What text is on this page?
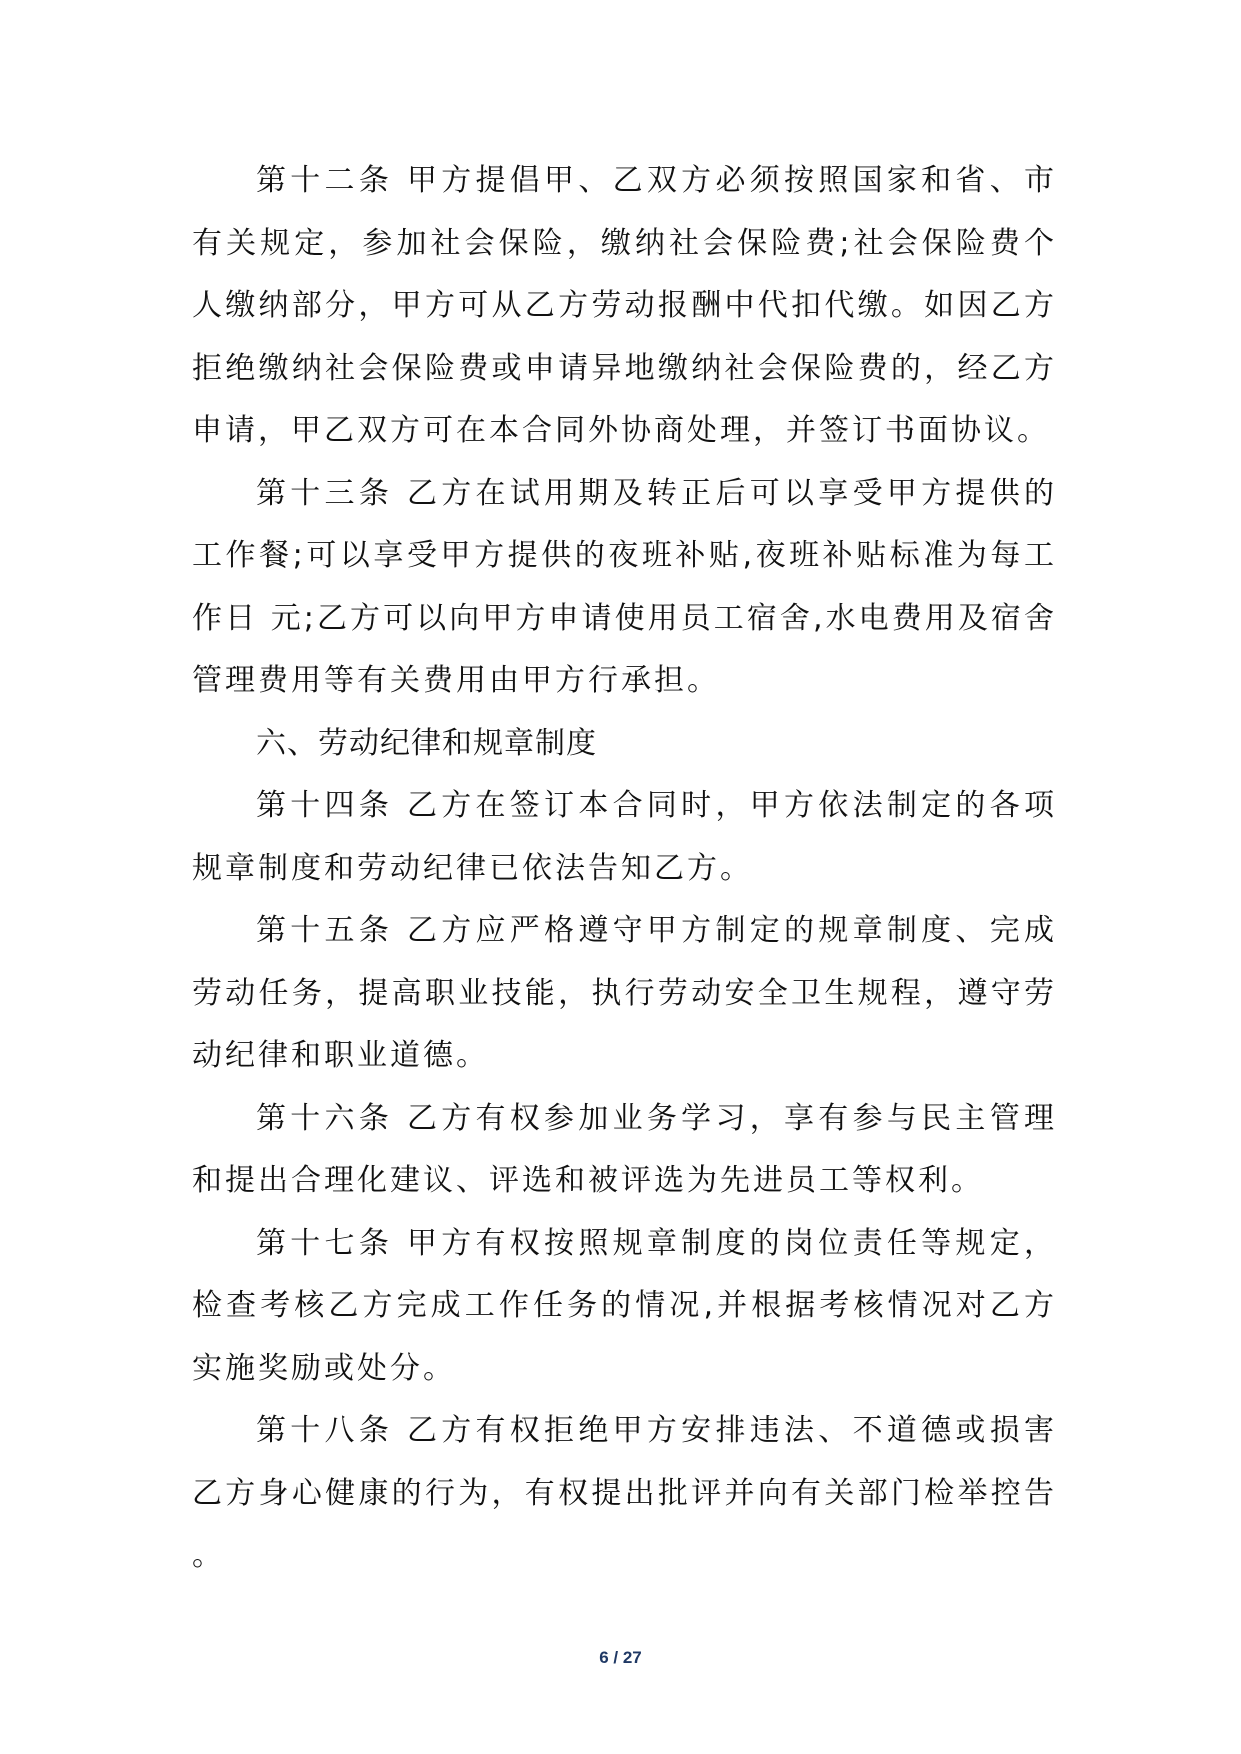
第十二条 甲方提倡甲、乙双方必须按照国家和省、市有关规定，参加社会保险，缴纳社会保险费;社会保险费个人缴纳部分，甲方可从乙方劳动报酬中代扣代缴。如因乙方拒绝缴纳社会保险费或申请异地缴纳社会保险费的，经乙方申请，甲乙双方可在本合同外协商处理，并签订书面协议。

第十三条 乙方在试用期及转正后可以享受甲方提供的工作餐;可以享受甲方提供的夜班补贴,夜班补贴标准为每工作日 元;乙方可以向甲方申请使用员工宿舍,水电费用及宿舍管理费用等有关费用由甲方行承担。

六、劳动纪律和规章制度

第十四条 乙方在签订本合同时，甲方依法制定的各项规章制度和劳动纪律已依法告知乙方。

第十五条 乙方应严格遵守甲方制定的规章制度、完成劳动任务，提高职业技能，执行劳动安全卫生规程，遵守劳动纪律和职业道德。

第十六条 乙方有权参加业务学习，享有参与民主管理和提出合理化建议、评选和被评选为先进员工等权利。

第十七条 甲方有权按照规章制度的岗位责任等规定，检查考核乙方完成工作任务的情况,并根据考核情况对乙方实施奖励或处分。

第十八条 乙方有权拒绝甲方安排违法、不道德或损害乙方身心健康的行为，有权提出批评并向有关部门检举控告。

6 / 27
